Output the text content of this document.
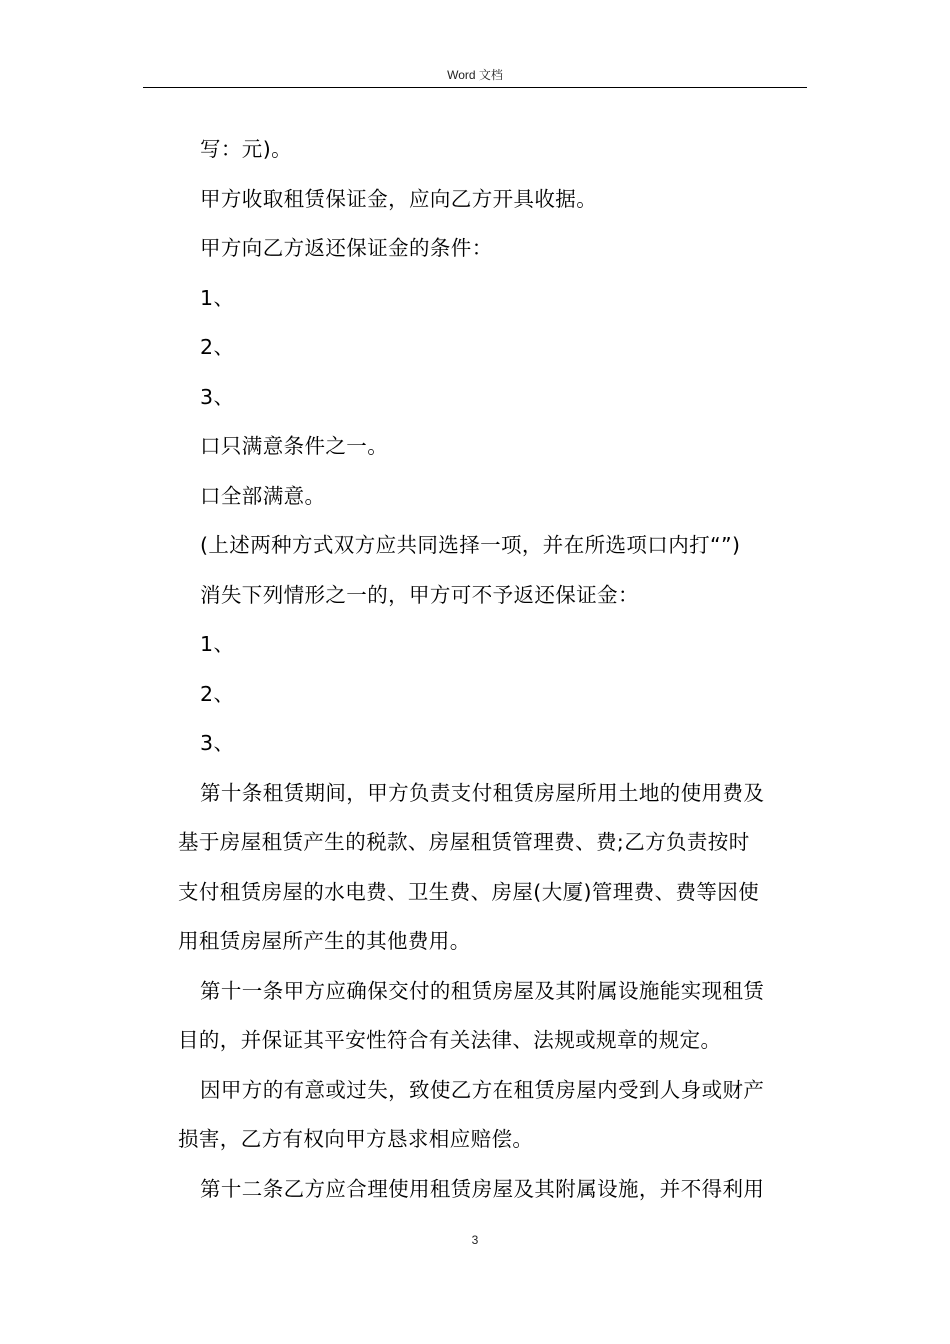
Word 文档

写：元)。

甲方收取租赁保证金，应向乙方开具收据。

甲方向乙方返还保证金的条件：

1、

2、

3、

口只满意条件之一。

口全部满意。

(上述两种方式双方应共同选择一项，并在所选项口内打“”)

消失下列情形之一的，甲方可不予返还保证金：

1、

2、

3、

第十条租赁期间，甲方负责支付租赁房屋所用土地的使用费及

基于房屋租赁产生的税款、房屋租赁管理费、费;乙方负责按时

支付租赁房屋的水电费、卫生费、房屋(大厦)管理费、费等因使

用租赁房屋所产生的其他费用。

第十一条甲方应确保交付的租赁房屋及其附属设施能实现租赁

目的，并保证其平安性符合有关法律、法规或规章的规定。

因甲方的有意或过失，致使乙方在租赁房屋内受到人身或财产

损害，乙方有权向甲方恳求相应赔偿。

第十二条乙方应合理使用租赁房屋及其附属设施，并不得利用

3
